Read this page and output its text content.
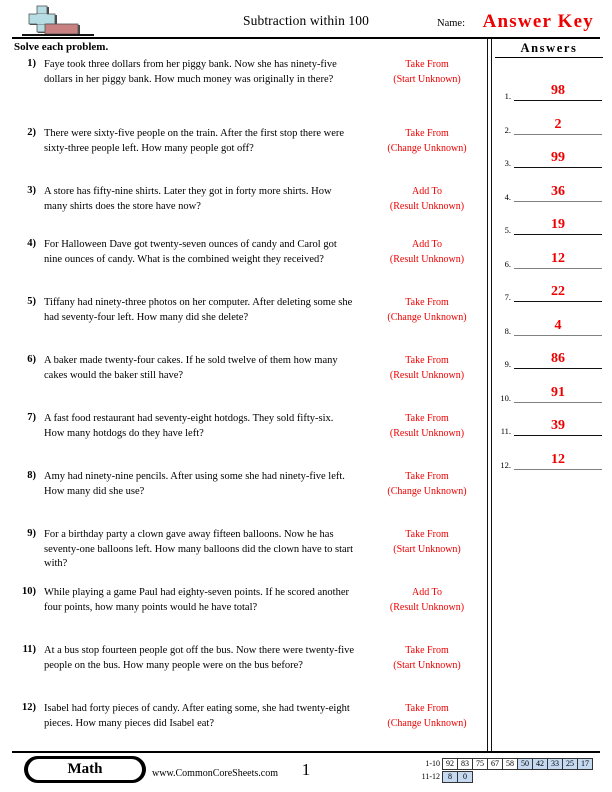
Subtraction within 100	Name: Answer Key
Solve each problem.
1) Faye took three dollars from her piggy bank. Now she has ninety-five dollars in her piggy bank. How much money was originally in there?
Take From
(Start Unknown)
2) There were sixty-five people on the train. After the first stop there were sixty-three people left. How many people got off?
Take From
(Change Unknown)
3) A store has fifty-nine shirts. Later they got in forty more shirts. How many shirts does the store have now?
Add To
(Result Unknown)
4) For Halloween Dave got twenty-seven ounces of candy and Carol got nine ounces of candy. What is the combined weight they received?
Add To
(Result Unknown)
5) Tiffany had ninety-three photos on her computer. After deleting some she had seventy-four left. How many did she delete?
Take From
(Change Unknown)
6) A baker made twenty-four cakes. If he sold twelve of them how many cakes would the baker still have?
Take From
(Result Unknown)
7) A fast food restaurant had seventy-eight hotdogs. They sold fifty-six. How many hotdogs do they have left?
Take From
(Result Unknown)
8) Amy had ninety-nine pencils. After using some she had ninety-five left. How many did she use?
Take From
(Change Unknown)
9) For a birthday party a clown gave away fifteen balloons. Now he has seventy-one balloons left. How many balloons did the clown have to start with?
Take From
(Start Unknown)
10) While playing a game Paul had eighty-seven points. If he scored another four points, how many points would he have total?
Add To
(Result Unknown)
11) At a bus stop fourteen people got off the bus. Now there were twenty-five people on the bus. How many people were on the bus before?
Take From
(Start Unknown)
12) Isabel had forty pieces of candy. After eating some, she had twenty-eight pieces. How many pieces did Isabel eat?
Take From
(Change Unknown)
Answers
1.	98
2.	2
3.	99
4.	36
5.	19
6.	12
7.	22
8.	4
9.	86
10.	91
11.	39
12.	12
Math	www.CommonCoreSheets.com	1	1-10 92 83 75 67 58 50 42 33 25 17
11-12	8	0
